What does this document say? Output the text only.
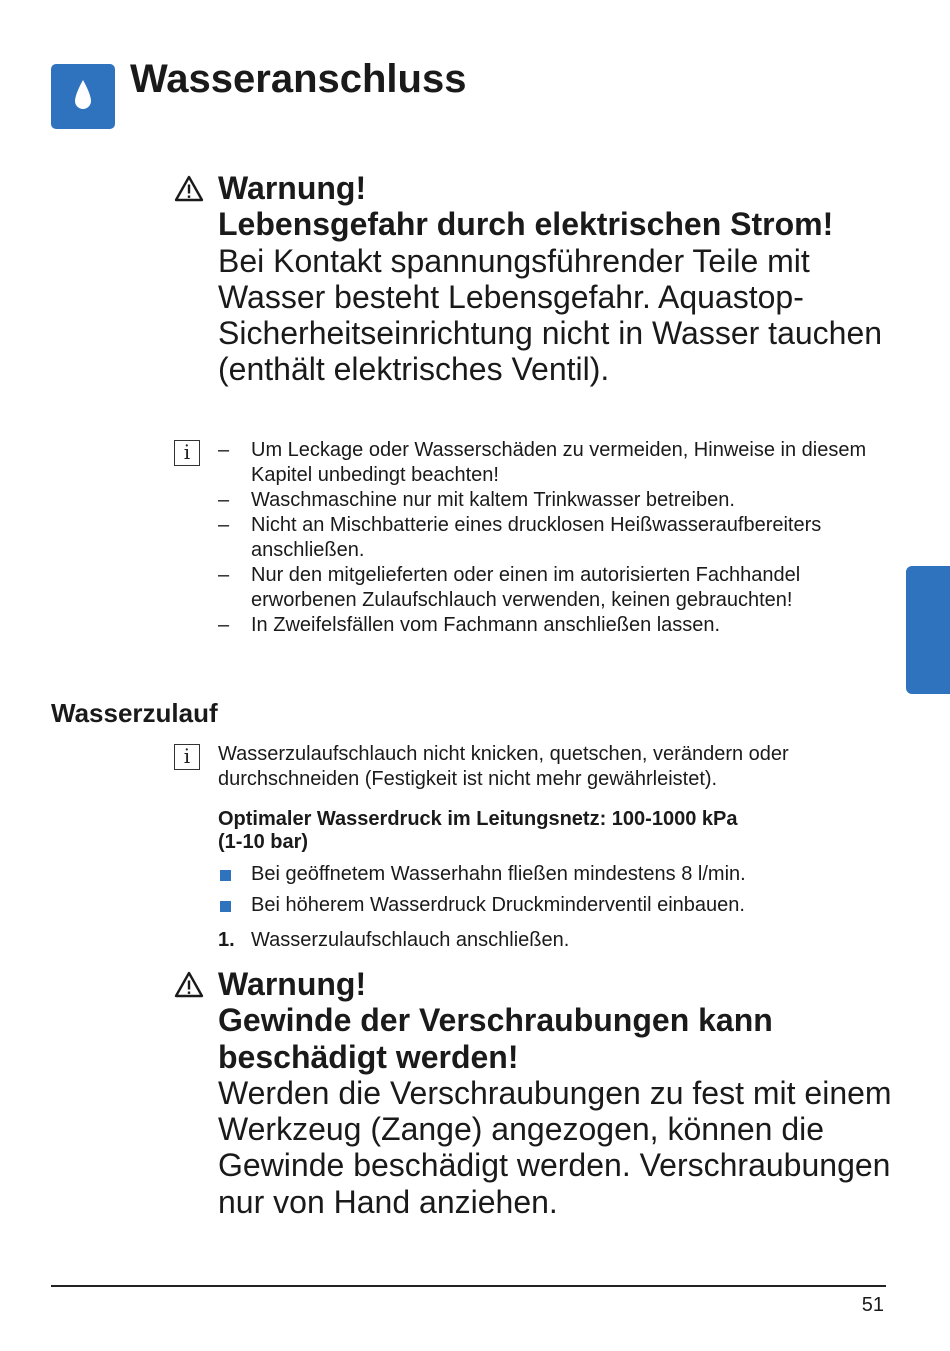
Wasseranschluss
Warnung!
Lebensgefahr durch elektrischen Strom!
Bei Kontakt spannungsführender Teile mit Wasser besteht Lebensgefahr. Aquastop-Sicherheitseinrichtung nicht in Wasser tauchen (enthält elektrisches Ventil).
i	–	Um Leckage oder Wasserschäden zu vermeiden, Hinweise in diesem Kapitel unbedingt beachten!
–	Waschmaschine nur mit kaltem Trinkwasser betreiben.
–	Nicht an Mischbatterie eines drucklosen Heißwasseraufbereiters anschließen.
–	Nur den mitgelieferten oder einen im autorisierten Fachhandel erworbenen Zulaufschlauch verwenden, keinen gebrauchten!
–	In Zweifelsfällen vom Fachmann anschließen lassen.
Wasserzulauf
i	Wasserzulaufschlauch nicht knicken, quetschen, verändern oder durchschneiden (Festigkeit ist nicht mehr gewährleistet).
Optimaler Wasserdruck im Leitungsnetz: 100-1000 kPa
(1-10 bar)
Bei geöffnetem Wasserhahn fließen mindestens 8 l/min.
Bei höherem Wasserdruck Druckminderventil einbauen.
1. Wasserzulaufschlauch anschließen.
Warnung!
Gewinde der Verschraubungen kann
beschädigt werden!
Werden die Verschraubungen zu fest mit einem Werkzeug (Zange) angezogen, können die Gewinde beschädigt werden. Verschraubungen nur von Hand anziehen.
51
